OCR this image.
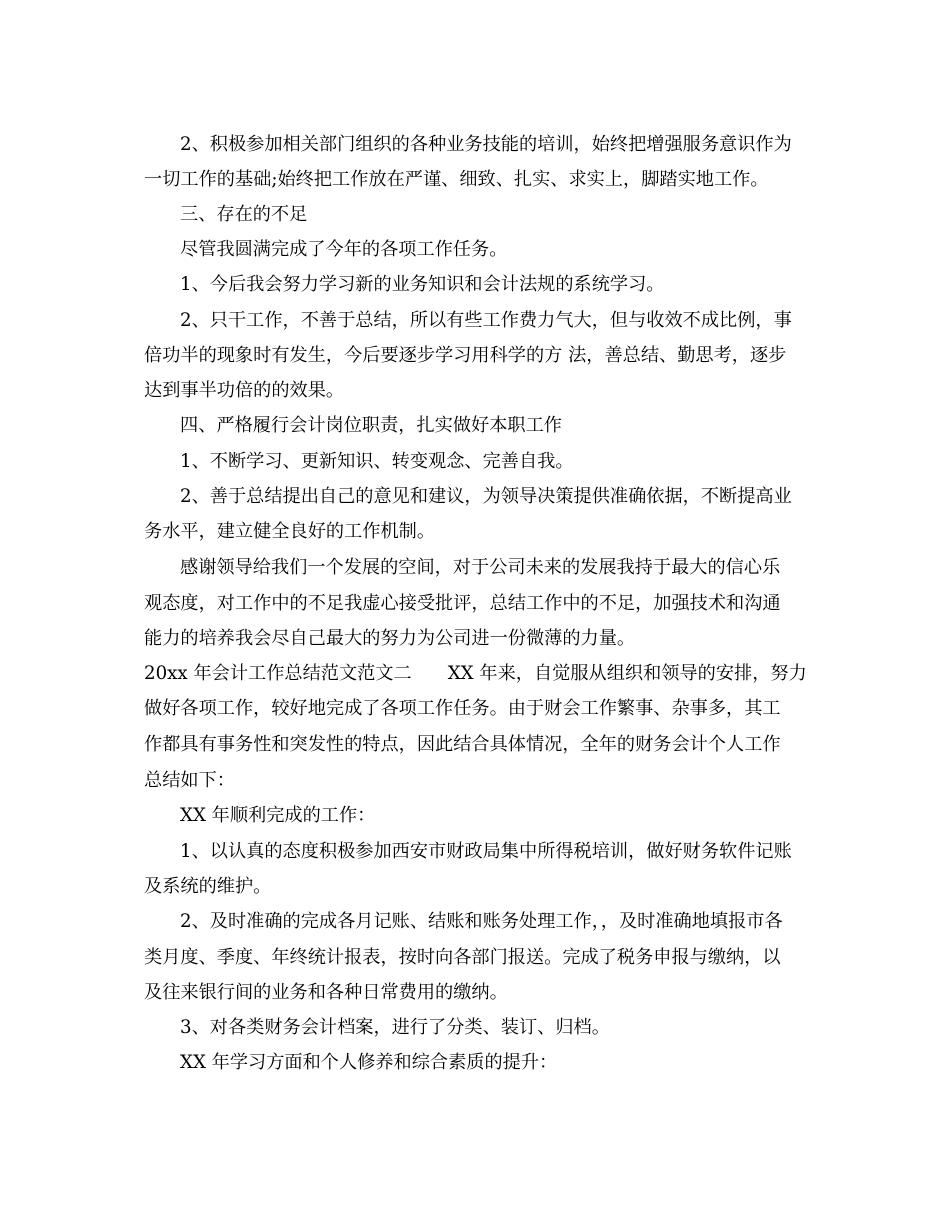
2、积极参加相关部门组织的各种业务技能的培训，始终把增强服务意识作为
一切工作的基础;始终把工作放在严谨、细致、扎实、求实上，脚踏实地工作。
三、存在的不足
尽管我圆满完成了今年的各项工作任务。
1、今后我会努力学习新的业务知识和会计法规的系统学习。
2、只干工作，不善于总结，所以有些工作费力气大，但与收效不成比例，事
倍功半的现象时有发生，今后要逐步学习用科学的方 法，善总结、勤思考，逐步
达到事半功倍的的效果。
四、严格履行会计岗位职责，扎实做好本职工作
1、不断学习、更新知识、转变观念、完善自我。
2、善于总结提出自己的意见和建议，为领导决策提供准确依据，不断提高业
务水平，建立健全良好的工作机制。
感谢领导给我们一个发展的空间，对于公司未来的发展我持于最大的信心乐
观态度，对工作中的不足我虚心接受批评，总结工作中的不足，加强技术和沟通
能力的培养我会尽自己最大的努力为公司进一份微薄的力量。
20xx 年会计工作总结范文范文二 XX 年来，自觉服从组织和领导的安排，努力
做好各项工作，较好地完成了各项工作任务。由于财会工作繁事、杂事多，其工
作都具有事务性和突发性的特点，因此结合具体情况，全年的财务会计个人工作
总结如下：
XX 年顺利完成的工作：
1、以认真的态度积极参加西安市财政局集中所得税培训，做好财务软件记账
及系统的维护。
2、及时准确的完成各月记账、结账和账务处理工作，，及时准确地填报市各
类月度、季度、年终统计报表，按时向各部门报送。完成了税务申报与缴纳，以
及往来银行间的业务和各种日常费用的缴纳。
3、对各类财务会计档案，进行了分类、装订、归档。
XX 年学习方面和个人修养和综合素质的提升：
